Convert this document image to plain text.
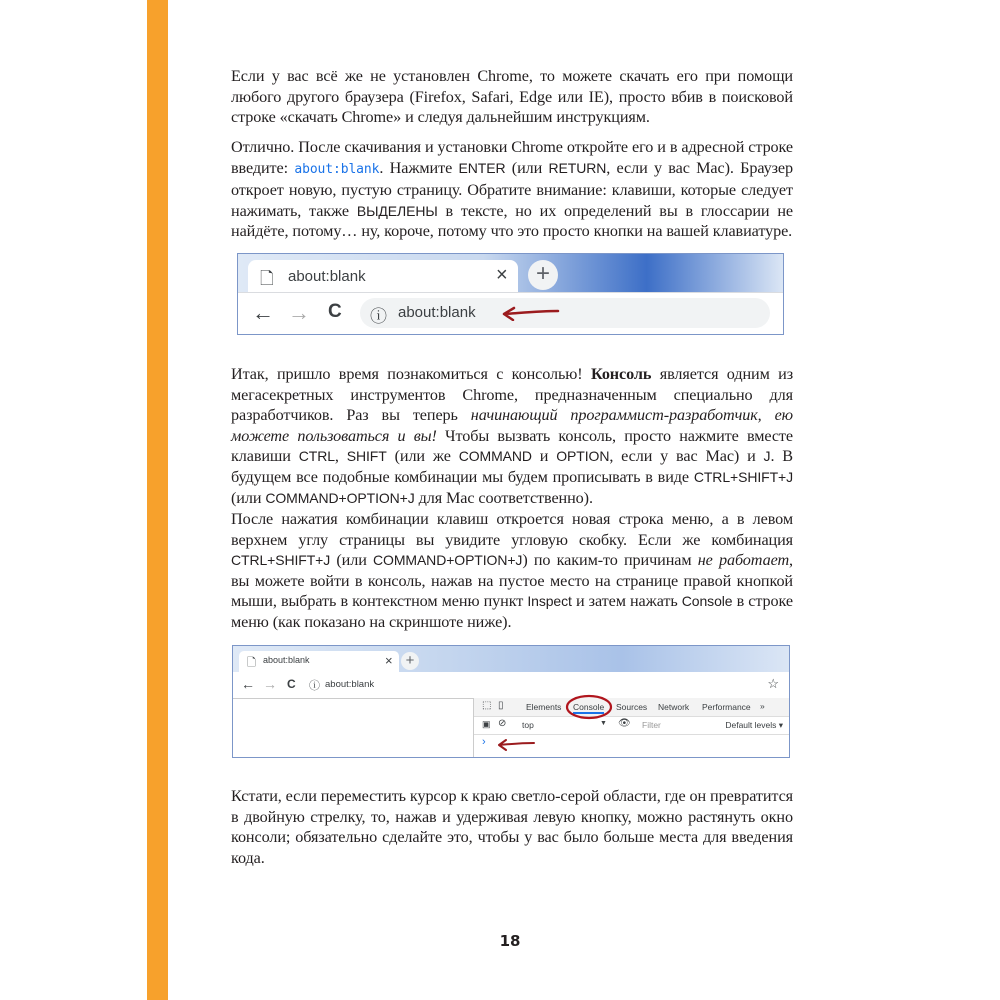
Если у вас всё же не установлен Chrome, то можете скачать его при помощи любого другого браузера (Firefox, Safari, Edge или IE), просто вбив в поисковой строке «скачать Chrome» и следуя дальнейшим инструкциям.

Отлично. После скачивания и установки Chrome откройте его и в адресной строке введите: about:blank. Нажмите ENTER (или RETURN, если у вас Mac). Браузер откроет новую, пустую страницу. Обратите внимание: клавиши, которые следует нажимать, также ВЫДЕЛЕНЫ в тексте, но их определений вы в глоссарии не найдёте, потому… ну, короче, потому что это просто кнопки на вашей клавиатуре.

🗋 about:blank	×	+
← → C ⓘ about:blank

Итак, пришло время познакомиться с консолью! Консоль является одним из мегасекретных инструментов Chrome, предназначенным специально для разработчиков. Раз вы теперь начинающий программист-разработчик, ею можете пользоваться и вы! Чтобы вызвать консоль, просто нажмите вместе клавиши CTRL, SHIFT (или же COMMAND и OPTION, если у вас Mac) и J. В будущем все подобные комбинации мы будем прописывать в виде CTRL+SHIFT+J (или COMMAND+OPTION+J для Mac соответственно).

После нажатия комбинации клавиш откроется новая строка меню, а в левом верхнем углу страницы вы увидите угловую скобку. Если же комбинация CTRL+SHIFT+J (или COMMAND+OPTION+J) по каким-то причинам не работает, вы можете войти в консоль, нажав на пустое место на странице правой кнопкой мыши, выбрать в контекстном меню пункт Inspect и затем нажать Console в строке меню (как показано на скриншоте ниже).

🗋 about:blank	× +
← → C ⓘ about:blank	☆
⬚ ▯	Elements Console Sources Network Performance »
▣ ⊘ top	▼ 👁 Filter	Default levels ▾
›

Кстати, если переместить курсор к краю светло-серой области, где он превратится в двойную стрелку, то, нажав и удерживая левую кнопку, можно растянуть окно консоли; обязательно сделайте это, чтобы у вас было больше места для введения кода.

18
